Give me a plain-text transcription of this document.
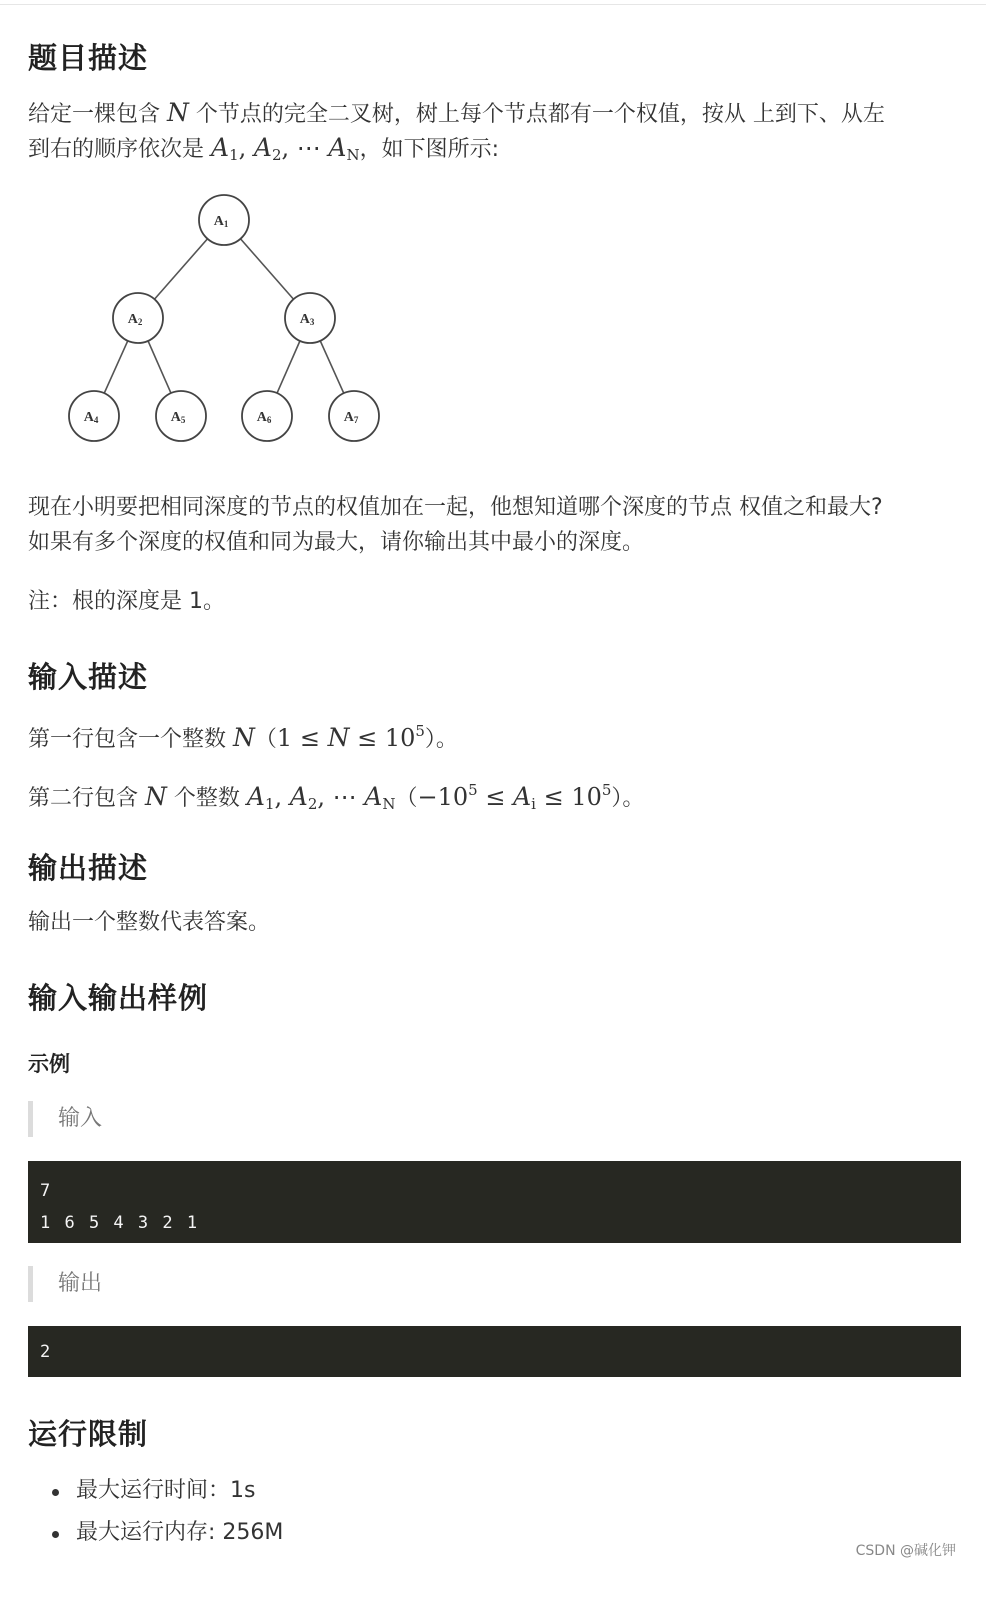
题目描述
给定一棵包含 N 个节点的完全二叉树，树上每个节点都有一个权值，按从 上到下、从左
到右的顺序依次是 $A_1$, $A_2$, ⋯ $A_N$，如下图所示:
A1
A2	A3
A4	A5	A6	A7
现在小明要把相同深度的节点的权值加在一起，他想知道哪个深度的节点 权值之和最大?
如果有多个深度的权值和同为最大，请你输出其中最小的深度。
注：根的深度是 1。
输入描述
第一行包含一个整数 $N(1 \le N \le 10^5)$。
第二行包含 N 个整数 $A_1$, $A_2$, ⋯ $A_N(-10^5 \le A_i \le 10^5)$。
输出描述
输出一个整数代表答案。
输入输出样例
示例
输入
7
1 6 5 4 3 2 1
输出
2
运行限制
最大运行时间：1s
最大运行内存: 256M
CSDN @碱化钾
